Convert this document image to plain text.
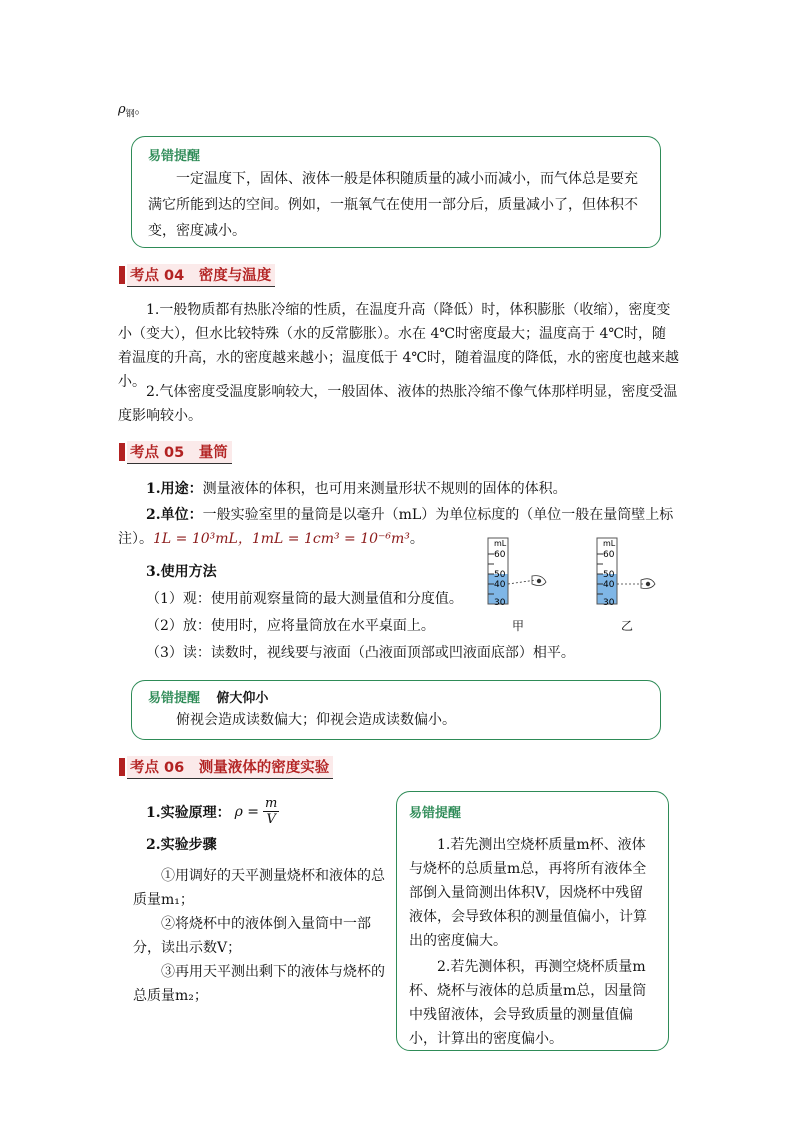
$\rho_钢$。
易错提醒
一定温度下，固体、液体一般是体积随质量的减小而减小，而气体总是要充满它所能到达的空间。例如，一瓶氧气在使用一部分后，质量减小了，但体积不变，密度减小。
考点 04　密度与温度
1.一般物质都有热胀冷缩的性质，在温度升高（降低）时，体积膨胀（收缩），密度变小（变大），但水比较特殊（水的反常膨胀）。水在 4℃时密度最大；温度高于 4℃时，随着温度的升高，水的密度越来越小；温度低于 4℃时，随着温度的降低，水的密度也越来越小。
2.气体密度受温度影响较大，一般固体、液体的热胀冷缩不像气体那样明显，密度受温度影响较小。
考点 05　量筒
1.用途：测量液体的体积，也可用来测量形状不规则的固体的体积。
2.单位：一般实验室里的量筒是以毫升（mL）为单位标度的（单位一般在量筒壁上标注）。1L = 10³mL，1mL = 1cm³ = 10⁻⁶m³。
3.使用方法
（1）观：使用前观察量筒的最大测量值和分度值。
（2）放：使用时，应将量筒放在水平桌面上。
（3）读：读数时，视线要与液面（凸液面顶部或凹液面底部）相平。
mL
60
50
40
30
甲
mL
60
50
40
30
乙
易错提醒 俯大仰小
俯视会造成读数偏大；仰视会造成读数偏小。
考点 06　测量液体的密度实验
1.实验原理： $\rho = \frac{m}{V}$
2.实验步骤
①用调好的天平测量烧杯和液体的总质量m₁；
②将烧杯中的液体倒入量筒中一部分，读出示数V；
③再用天平测出剩下的液体与烧杯的总质量m₂；
易错提醒
1.若先测出空烧杯质量m杯、液体与烧杯的总质量m总，再将所有液体全部倒入量筒测出体积V，因烧杯中残留液体，会导致体积的测量值偏小，计算出的密度偏大。
2.若先测体积，再测空烧杯质量m杯、烧杯与液体的总质量m总，因量筒中残留液体，会导致质量的测量值偏小，计算出的密度偏小。
